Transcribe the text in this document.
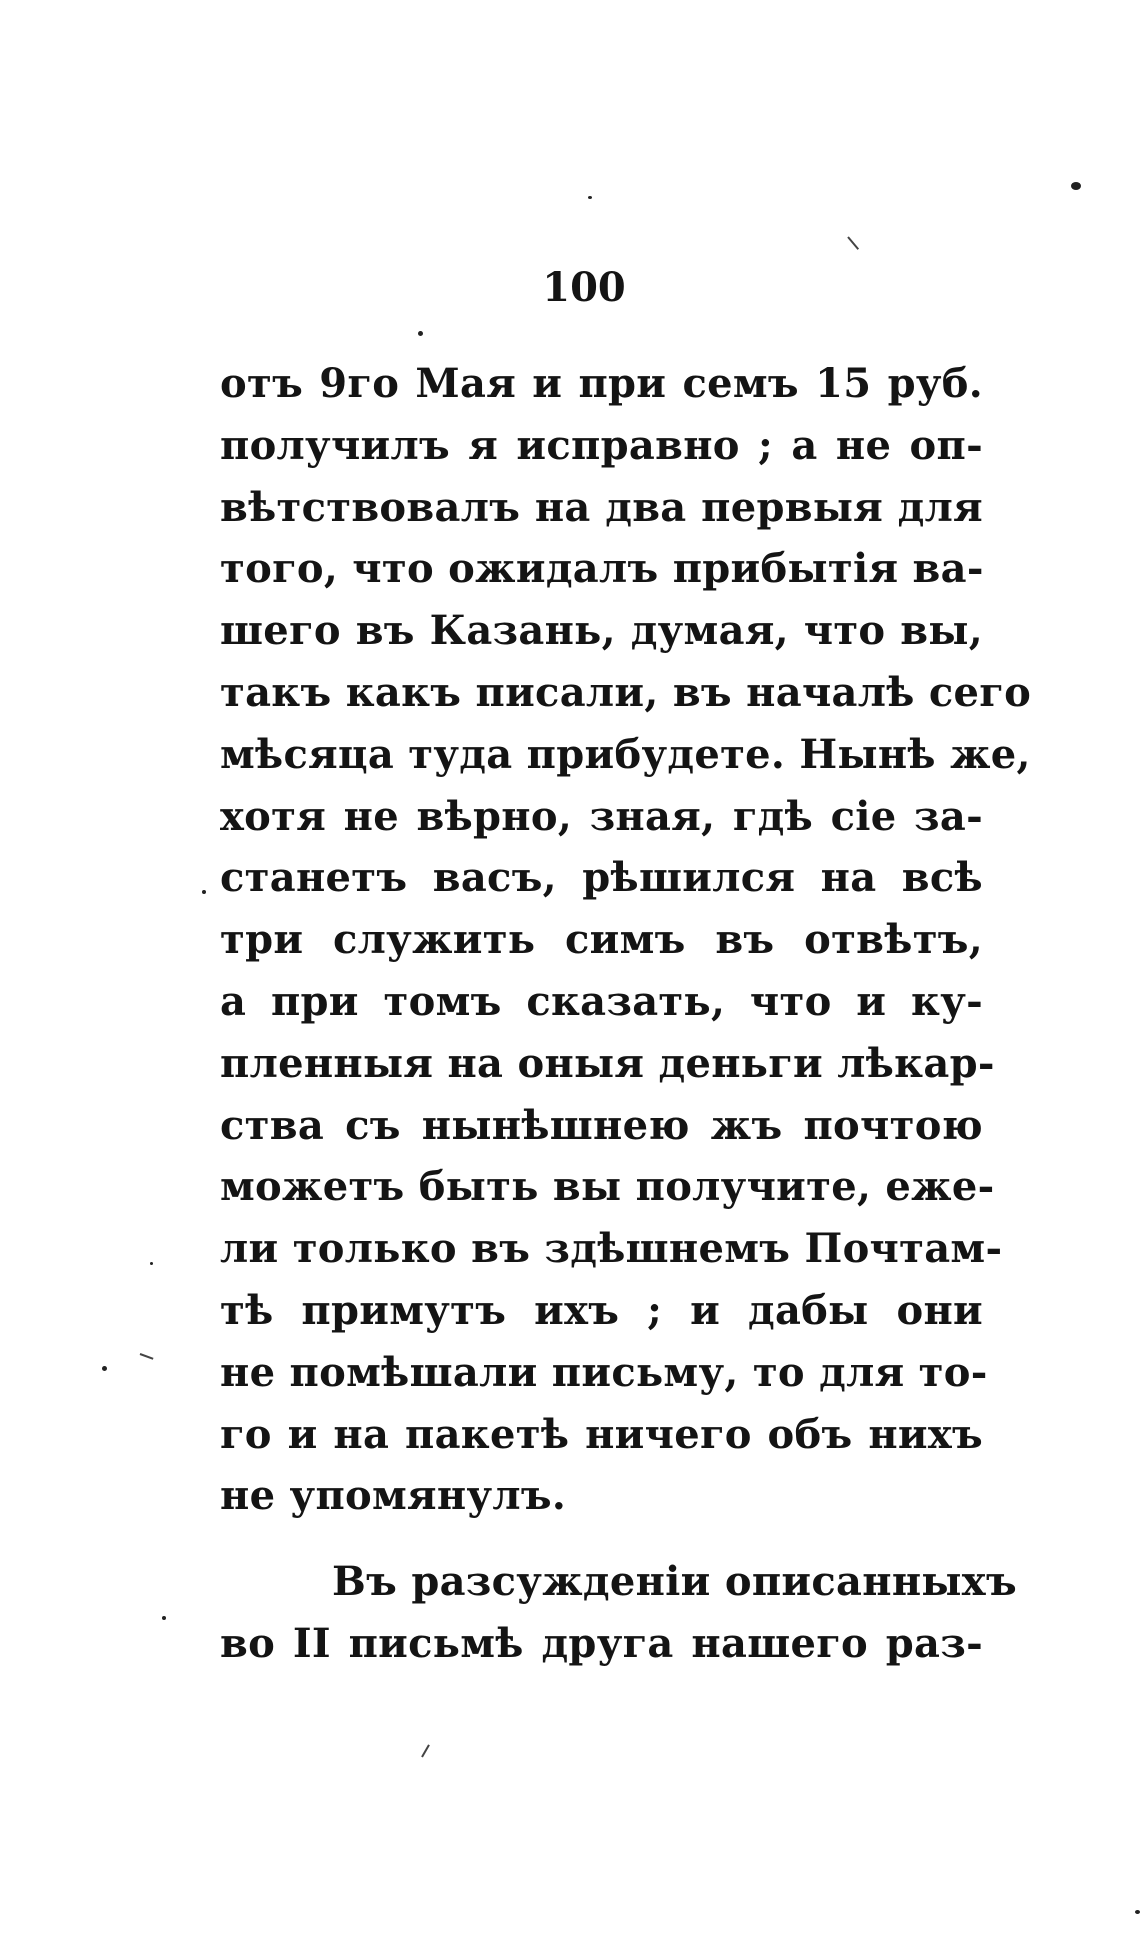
100
отъ 9го Мая и при семъ 15 руб.
получилъ я исправно ; а не оп-
вѣтствовалъ на два первыя для
того, что ожидалъ прибытія ва-
шего въ Казань, думая, что вы,
такъ какъ писали, въ началѣ сего
мѣсяца туда прибудете. Нынѣ же,
хотя не вѣрно, зная, гдѣ сіе за-
станетъ васъ, рѣшился на всѣ
три служить симъ въ отвѣтъ,
а при томъ сказать, что и ку-
пленныя на оныя деньги лѣкар-
ства съ нынѣшнею жъ почтою
можетъ быть вы получите, еже-
ли только въ здѣшнемъ Почтам-
тѣ примутъ ихъ ; и дабы они
не помѣшали письму, то для то-
го и на пакетѣ ничего объ нихъ
не упомянулъ.
Въ разсужденіи описанныхъ
во II письмѣ друга нашего раз-
